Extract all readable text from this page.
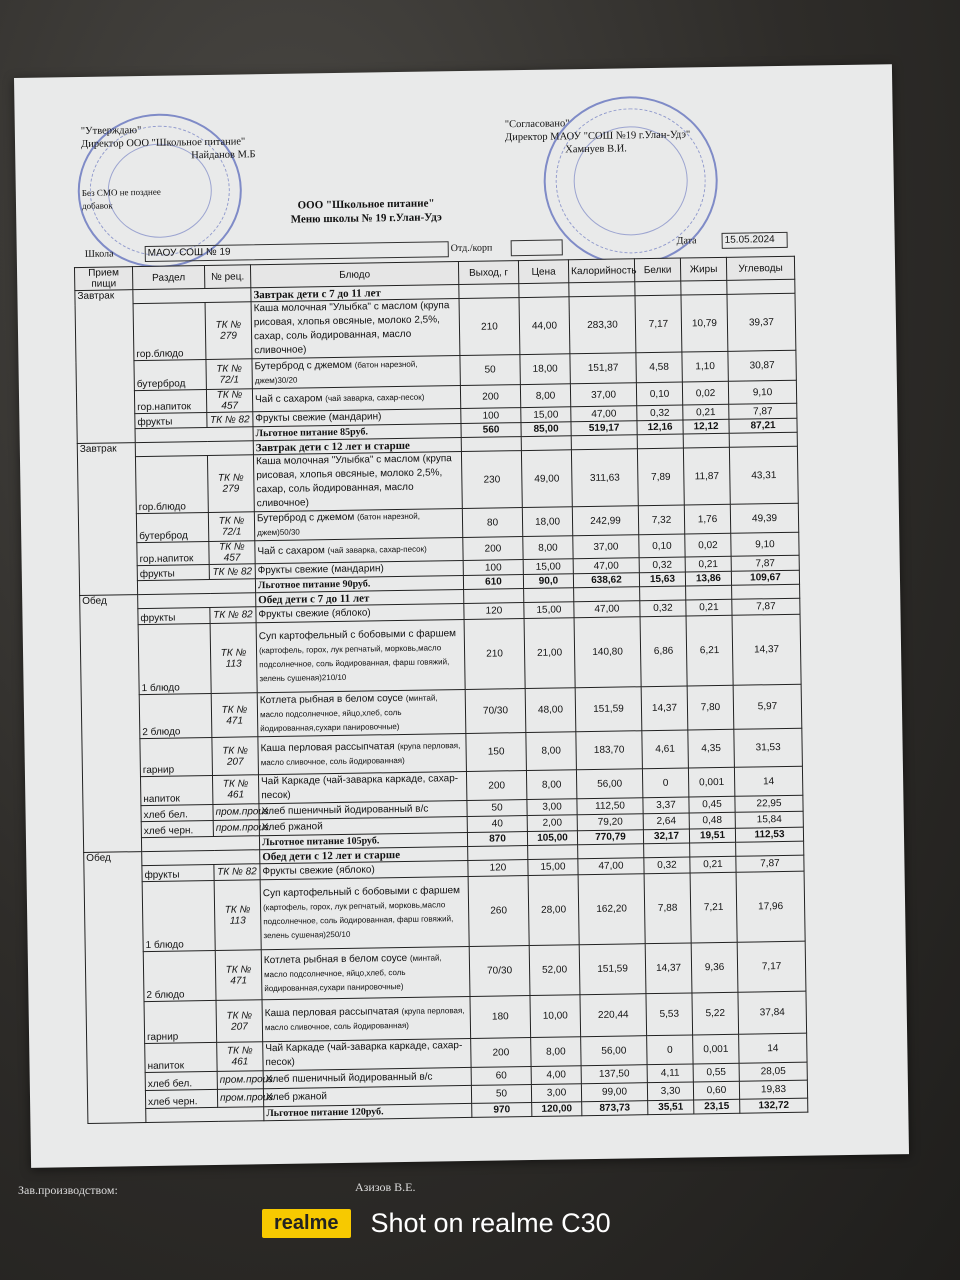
"Утверждаю"
Директор ООО "Школьное питание"
Найданов М.Б
Без СМО не позднее
добавок
"Согласовано"
Директор МАОУ "СОШ №19 г.Улан-Удэ"
Хамнуев В.И.
ООО "Школьное питание"
Меню школы № 19 г.Улан-Удэ
Школа	МАОУ СОШ № 19	Отд./корп
Дата	15.05.2024
Прием пищи	Раздел	№ рец.	Блюдо	Выход, г	Цена	Калорийность	Белки	Жиры	Углеводы
Завтрак			Завтрак дети с 7 до 11 лет						
	гор.блюдо	ТК № 279	Каша молочная "Улыбка" с маслом (крупа рисовая, хлопья овсяные, молоко 2,5%, сахар, соль йодированная, масло сливочное)	210	44,00	283,30	7,17	10,79	39,37
	бутерброд	ТК № 72/1	Бутерброд с джемом (батон нарезной, джем)30/20	50	18,00	151,87	4,58	1,10	30,87
	гор.напиток	ТК № 457	Чай с сахаром (чай заварка, сахар-песок)	200	8,00	37,00	0,10	0,02	9,10
	фрукты	ТК № 82	Фрукты свежие (мандарин)	100	15,00	47,00	0,32	0,21	7,87
			Льготное питание 85руб.	560	85,00	519,17	12,16	12,12	87,21
Завтрак			Завтрак дети с 12 лет и старше						
	гор.блюдо	ТК № 279	Каша молочная "Улыбка" с маслом (крупа рисовая, хлопья овсяные, молоко 2,5%, сахар, соль йодированная, масло сливочное)	230	49,00	311,63	7,89	11,87	43,31
	бутерброд	ТК № 72/1	Бутерброд с джемом (батон нарезной, джем)50/30	80	18,00	242,99	7,32	1,76	49,39
	гор.напиток	ТК № 457	Чай с сахаром (чай заварка, сахар-песок)	200	8,00	37,00	0,10	0,02	9,10
	фрукты	ТК № 82	Фрукты свежие (мандарин)	100	15,00	47,00	0,32	0,21	7,87
			Льготное питание 90руб.	610	90,0	638,62	15,63	13,86	109,67
Обед			Обед дети с 7 до 11 лет						
	фрукты	ТК № 82	Фрукты свежие (яблоко)	120	15,00	47,00	0,32	0,21	7,87
	1 блюдо	ТК № 113	Суп картофельный с бобовыми с фаршем (картофель, горох, лук репчатый, морковь,масло подсолнечное, соль йодированная, фарш говяжий, зелень сушеная)210/10	210	21,00	140,80	6,86	6,21	14,37
	2 блюдо	ТК № 471	Котлета рыбная в белом соусе (минтай, масло подсолнечное, яйцо,хлеб, соль йодированная,сухари панировочные)	70/30	48,00	151,59	14,37	7,80	5,97
	гарнир	ТК № 207	Каша перловая рассыпчатая (крупа перловая, масло сливочное, соль йодированная)	150	8,00	183,70	4,61	4,35	31,53
	напиток	ТК № 461	Чай Каркаде (чай-заварка каркаде, сахар-песок)	200	8,00	56,00	0	0,001	14
	хлеб бел.	пром.произ	Хлеб пшеничный йодированный в/с	50	3,00	112,50	3,37	0,45	22,95
	хлеб черн.	пром.произ	Хлеб ржаной	40	2,00	79,20	2,64	0,48	15,84
			Льготное питание 105руб.	870	105,00	770,79	32,17	19,51	112,53
Обед			Обед дети с 12 лет и старше						
	фрукты	ТК № 82	Фрукты свежие (яблоко)	120	15,00	47,00	0,32	0,21	7,87
	1 блюдо	ТК № 113	Суп картофельный с бобовыми с фаршем (картофель, горох, лук репчатый, морковь,масло подсолнечное, соль йодированная, фарш говяжий, зелень сушеная)250/10	260	28,00	162,20	7,88	7,21	17,96
	2 блюдо	ТК № 471	Котлета рыбная в белом соусе (минтай, масло подсолнечное, яйцо,хлеб, соль йодированная,сухари панировочные)	70/30	52,00	151,59	14,37	9,36	7,17
	гарнир	ТК № 207	Каша перловая рассыпчатая (крупа перловая, масло сливочное, соль йодированная)	180	10,00	220,44	5,53	5,22	37,84
	напиток	ТК № 461	Чай Каркаде (чай-заварка каркаде, сахар-песок)	200	8,00	56,00	0	0,001	14
	хлеб бел.	пром.произ	Хлеб пшеничный йодированный в/с	60	4,00	137,50	4,11	0,55	28,05
	хлеб черн.	пром.произ	Хлеб ржаной	50	3,00	99,00	3,30	0,60	19,83
			Льготное питание 120руб.	970	120,00	873,73	35,51	23,15	132,72
Зав.производством:	Азизов В.Е.
realme	Shot on realme C30
